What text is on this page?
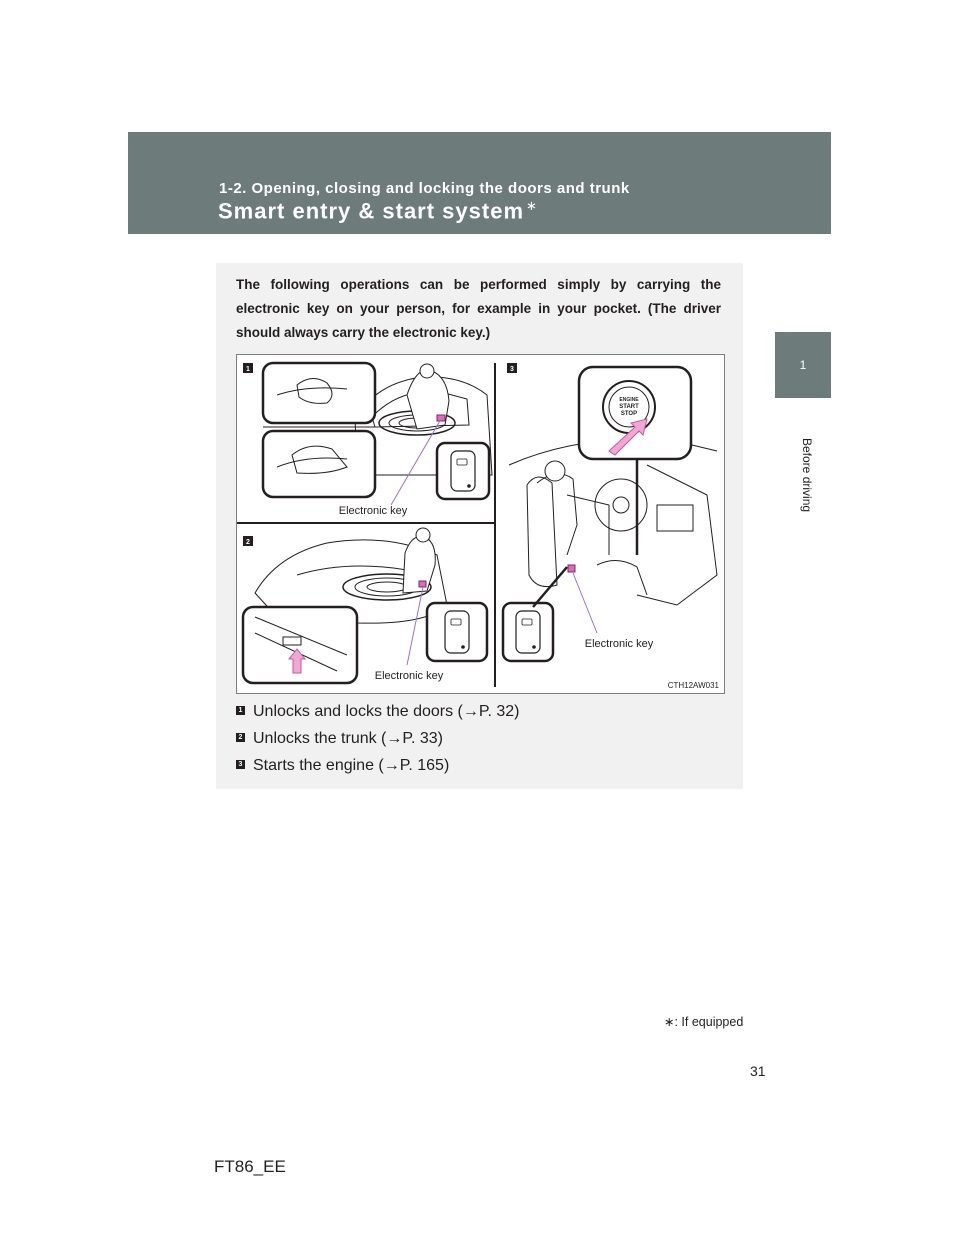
1-2. Opening, closing and locking the doors and trunk
Smart entry & start system ∗
1
Before driving
The following operations can be performed simply by carrying the electronic key on your person, for example in your pocket. (The driver should always carry the electronic key.)
1
2
3
Electronic key
Electronic key
ENGINE
START
STOP
Electronic key
CTH12AW031
1 Unlocks and locks the doors (→P. 32)
2 Unlocks the trunk (→P. 33)
3 Starts the engine (→P. 165)
∗: If equipped
31
FT86_EE
